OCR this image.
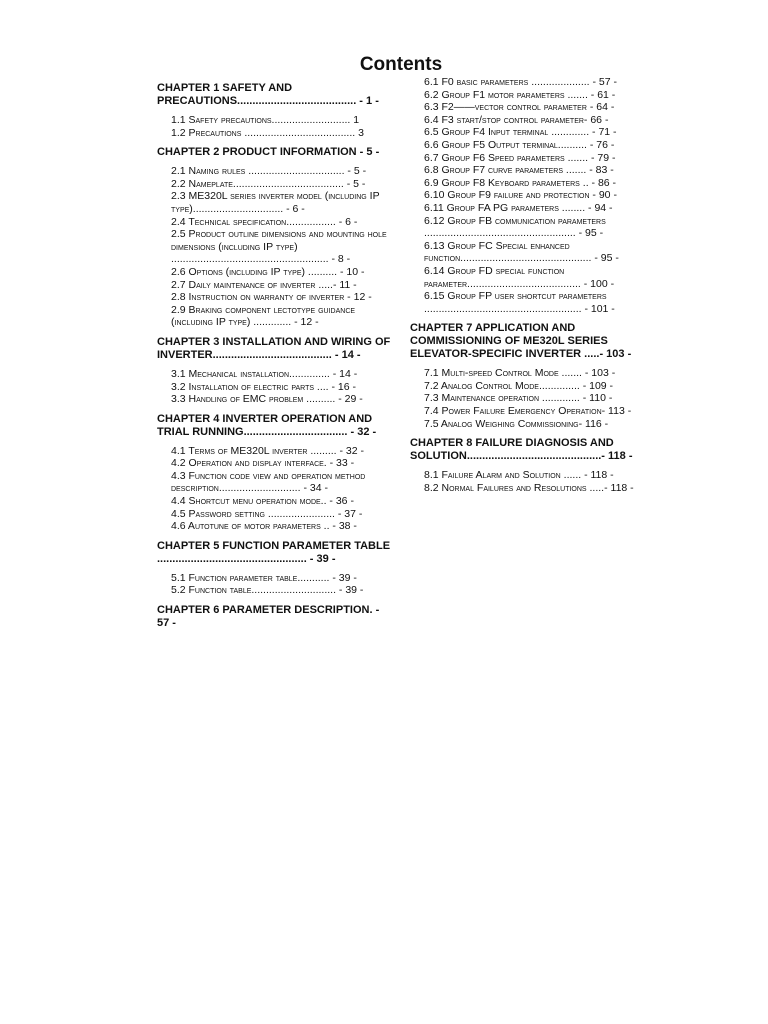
Contents
CHAPTER 1 SAFETY AND PRECAUTIONS....................................... - 1 -
1.1 Safety precautions........................... 1
1.2 Precautions ...................................... 3
CHAPTER 2 PRODUCT INFORMATION - 5 -
2.1 Naming rules ................................. - 5 -
2.2 Nameplate...................................... - 5 -
2.3 ME320L series inverter model (including IP type)............................... - 6 -
2.4 Technical specification................. - 6 -
2.5 Product outline dimensions and mounting hole dimensions (including IP type) ...................................................... - 8 -
2.6 Options (including IP type) .......... - 10 -
2.7 Daily maintenance of inverter .....- 11 -
2.8 Instruction on warranty of inverter - 12 -
2.9 Braking component lectotype guidance (including IP type) ............. - 12 -
CHAPTER 3 INSTALLATION AND WIRING OF INVERTER....................................... - 14 -
3.1 Mechanical installation.............. - 14 -
3.2 Installation of electric parts .... - 16 -
3.3 Handling of EMC problem .......... - 29 -
CHAPTER 4 INVERTER OPERATION AND TRIAL RUNNING.................................. - 32 -
4.1 Terms of ME320L inverter ......... - 32 -
4.2 Operation and display interface. - 33 -
4.3 Function code view and operation method description............................ - 34 -
4.4 Shortcut menu operation mode.. - 36 -
4.5 Password setting ....................... - 37 -
4.6 Autotune of motor parameters .. - 38 -
CHAPTER 5 FUNCTION PARAMETER TABLE ................................................. - 39 -
5.1 Function parameter table........... - 39 -
5.2 Function table............................. - 39 -
CHAPTER 6 PARAMETER DESCRIPTION. - 57 -
6.1 F0 basic parameters .................... - 57 -
6.2 Group F1 motor parameters ....... - 61 -
6.3 F2——vector control parameter - 64 -
6.4 F3 start/stop control parameter- 66 -
6.5 Group F4 Input terminal ............. - 71 -
6.6 Group F5 Output terminal.......... - 76 -
6.7 Group F6 Speed parameters ....... - 79 -
6.8 Group F7 curve parameters ....... - 83 -
6.9 Group F8 Keyboard parameters .. - 86 -
6.10 Group F9 failure and protection - 90 -
6.11 Group FA PG parameters ........ - 94 -
6.12 Group FB communication parameters .................................................... - 95 -
6.13 Group FC Special enhanced function............................................. - 95 -
6.14 Group FD special function parameter....................................... - 100 -
6.15 Group FP user shortcut parameters ...................................................... - 101 -
CHAPTER 7 APPLICATION AND COMMISSIONING OF ME320L SERIES ELEVATOR-SPECIFIC INVERTER .....- 103 -
7.1 Multi-speed Control Mode ....... - 103 -
7.2 Analog Control Mode.............. - 109 -
7.3 Maintenance operation ............. - 110 -
7.4 Power Failure Emergency Operation- 113 -
7.5 Analog Weighing Commissioning- 116 -
CHAPTER 8 FAILURE DIAGNOSIS AND SOLUTION............................................- 118 -
8.1 Failure Alarm and Solution ...... - 118 -
8.2 Normal Failures and Resolutions .....- 118 -
